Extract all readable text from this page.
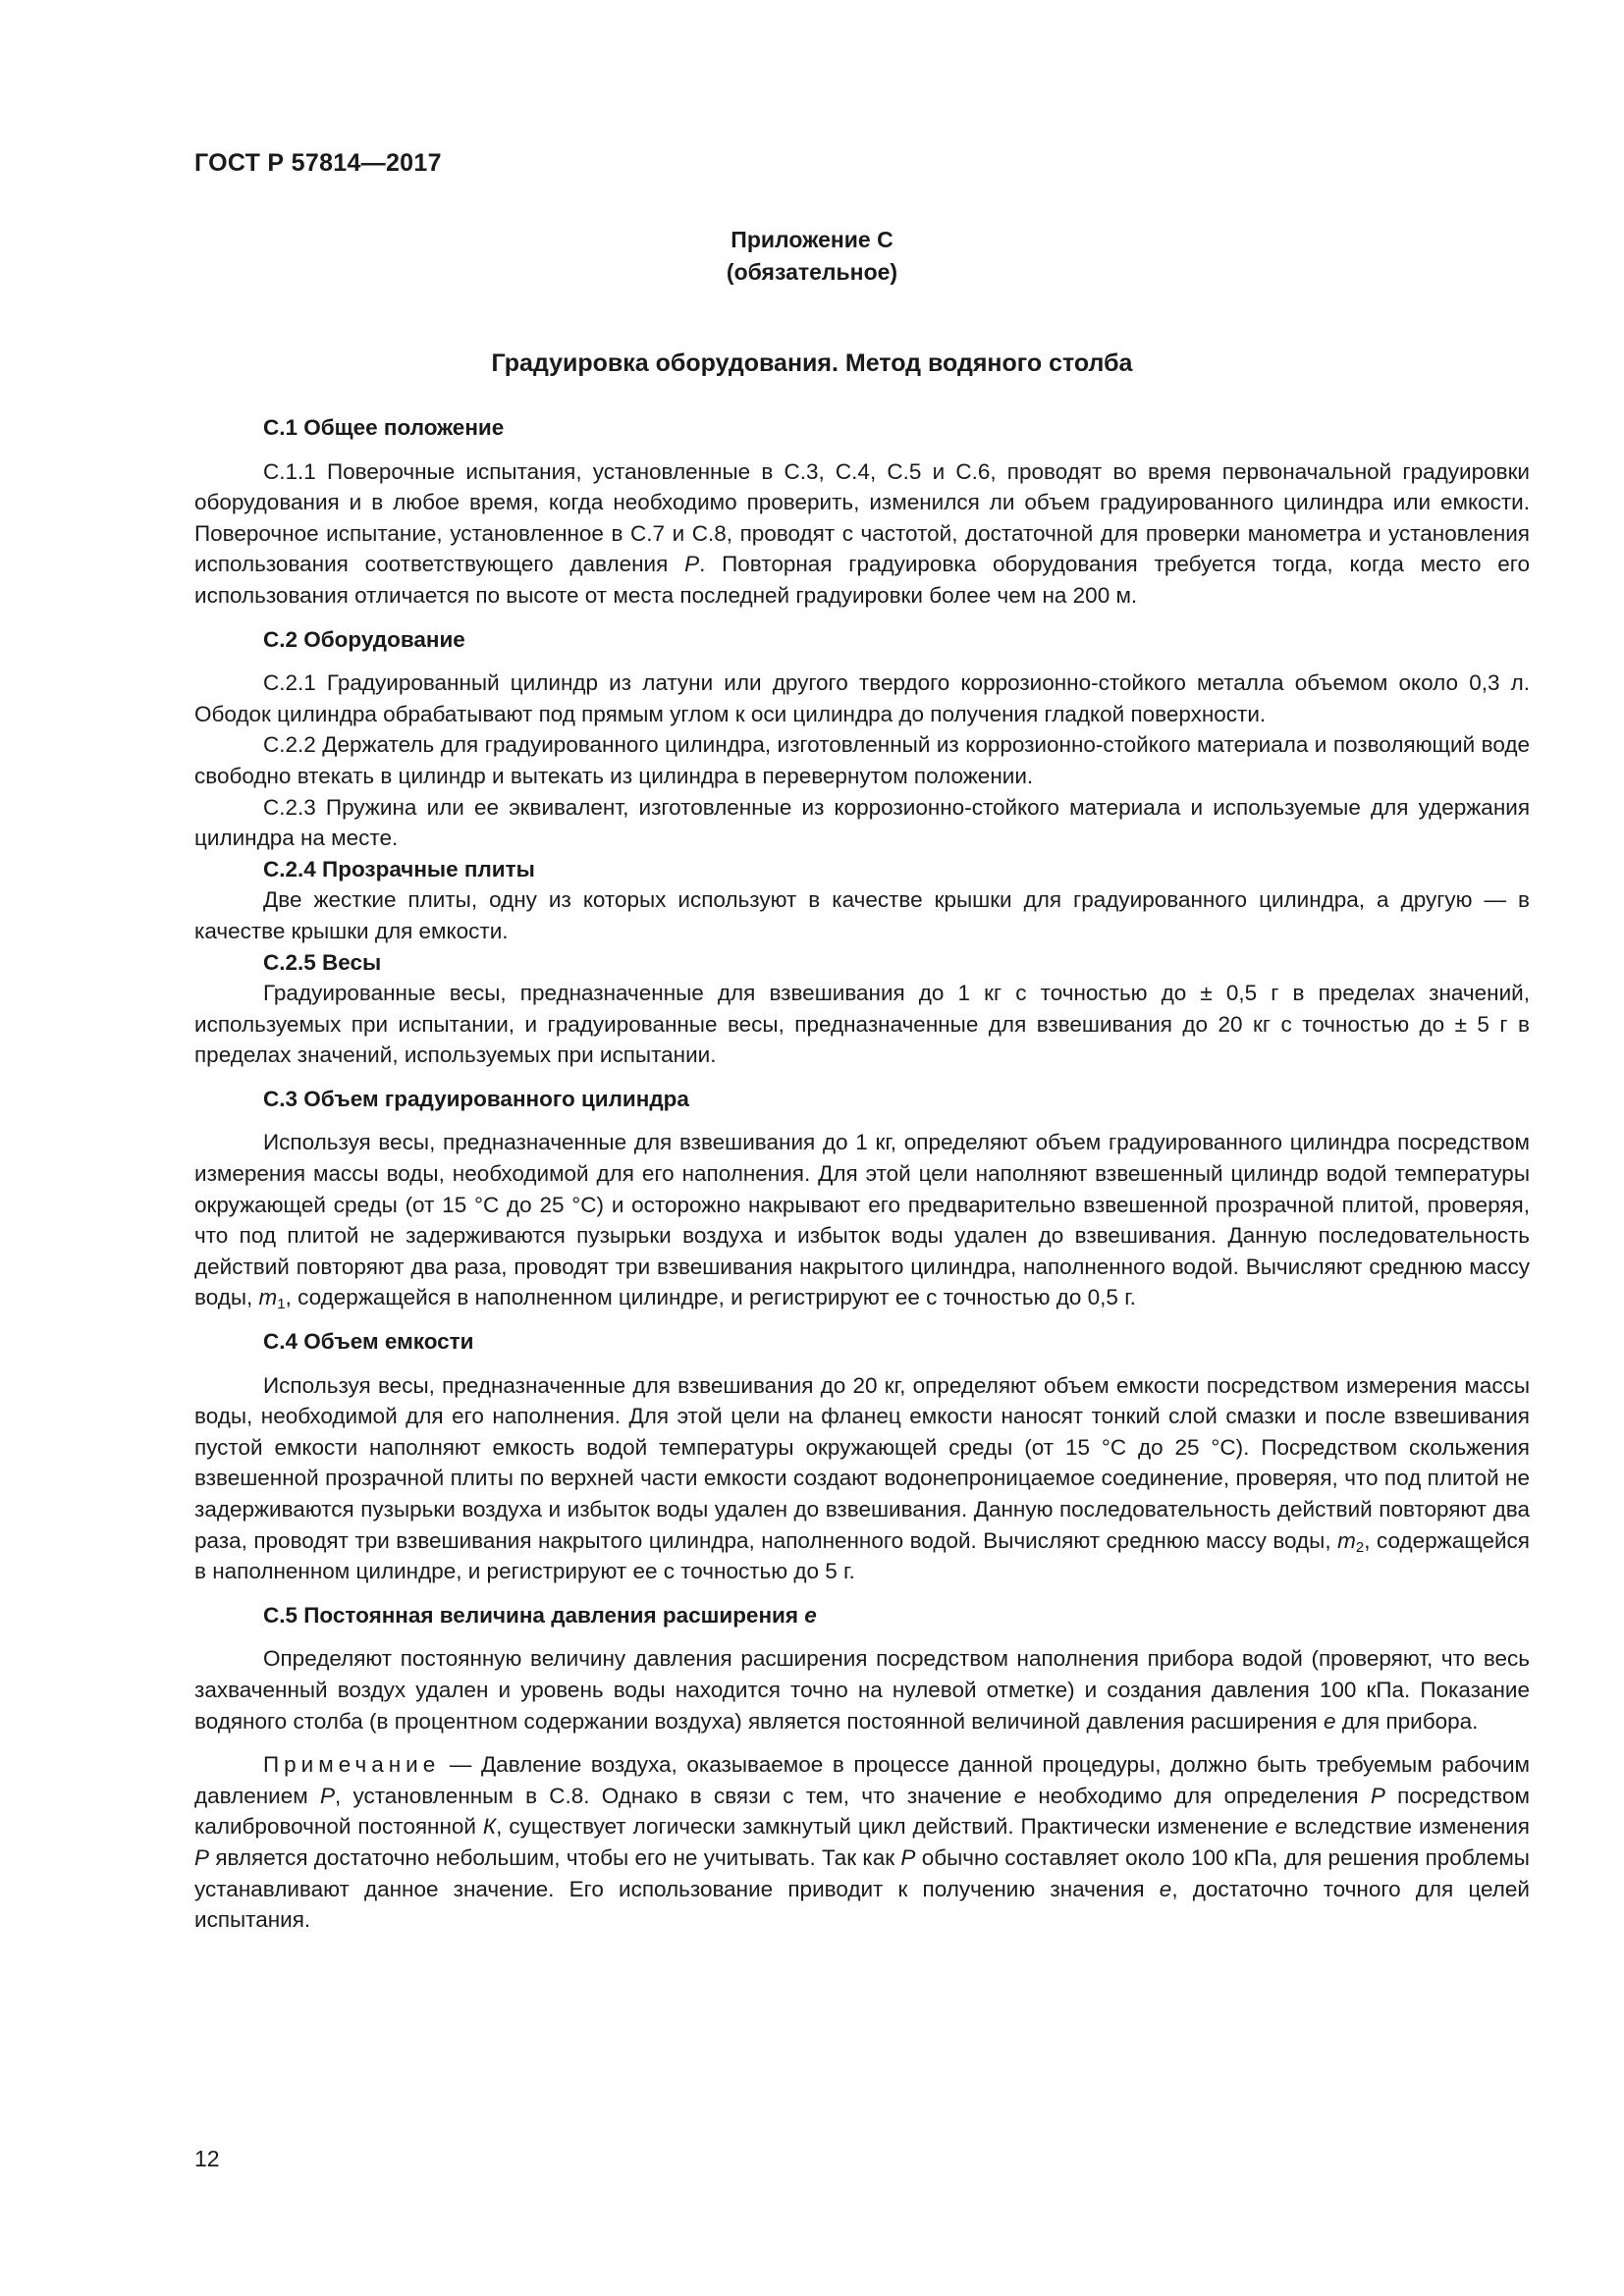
ГОСТ Р 57814—2017
Приложение С
(обязательное)
Градуировка оборудования. Метод водяного столба

С.1 Общее положение

С.1.1 Поверочные испытания, установленные в С.3, С.4, С.5 и С.6, проводят во время первоначальной градуировки оборудования и в любое время, когда необходимо проверить, изменился ли объем градуированного цилиндра или емкости. Поверочное испытание, установленное в С.7 и С.8, проводят с частотой, достаточной для проверки манометра и установления использования соответствующего давления Р. Повторная градуировка оборудования требуется тогда, когда место его использования отличается по высоте от места последней градуировки более чем на 200 м.

С.2 Оборудование

С.2.1 Градуированный цилиндр из латуни или другого твердого коррозионно-стойкого металла объемом около 0,3 л. Ободок цилиндра обрабатывают под прямым углом к оси цилиндра до получения гладкой поверхности.

С.2.2 Держатель для градуированного цилиндра, изготовленный из коррозионно-стойкого материала и позволяющий воде свободно втекать в цилиндр и вытекать из цилиндра в перевернутом положении.

С.2.3 Пружина или ее эквивалент, изготовленные из коррозионно-стойкого материала и используемые для удержания цилиндра на месте.

С.2.4 Прозрачные плиты

Две жесткие плиты, одну из которых используют в качестве крышки для градуированного цилиндра, а другую — в качестве крышки для емкости.

С.2.5 Весы

Градуированные весы, предназначенные для взвешивания до 1 кг с точностью до ± 0,5 г в пределах значений, используемых при испытании, и градуированные весы, предназначенные для взвешивания до 20 кг с точностью до ± 5 г в пределах значений, используемых при испытании.

С.3 Объем градуированного цилиндра

Используя весы, предназначенные для взвешивания до 1 кг, определяют объем градуированного цилиндра посредством измерения массы воды, необходимой для его наполнения. Для этой цели наполняют взвешенный цилиндр водой температуры окружающей среды (от 15 °С до 25 °С) и осторожно накрывают его предварительно взвешенной прозрачной плитой, проверяя, что под плитой не задерживаются пузырьки воздуха и избыток воды удален до взвешивания. Данную последовательность действий повторяют два раза, проводят три взвешивания накрытого цилиндра, наполненного водой. Вычисляют среднюю массу воды, $m_1$, содержащейся в наполненном цилиндре, и регистрируют ее с точностью до 0,5 г.

С.4 Объем емкости

Используя весы, предназначенные для взвешивания до 20 кг, определяют объем емкости посредством измерения массы воды, необходимой для его наполнения. Для этой цели на фланец емкости наносят тонкий слой смазки и после взвешивания пустой емкости наполняют емкость водой температуры окружающей среды (от 15 °С до 25 °С). Посредством скольжения взвешенной прозрачной плиты по верхней части емкости создают водонепроницаемое соединение, проверяя, что под плитой не задерживаются пузырьки воздуха и избыток воды удален до взвешивания. Данную последовательность действий повторяют два раза, проводят три взвешивания накрытого цилиндра, наполненного водой. Вычисляют среднюю массу воды, $m_2$, содержащейся в наполненном цилиндре, и регистрируют ее с точностью до 5 г.

С.5 Постоянная величина давления расширения е

Определяют постоянную величину давления расширения посредством наполнения прибора водой (проверяют, что весь захваченный воздух удален и уровень воды находится точно на нулевой отметке) и создания давления 100 кПа. Показание водяного столба (в процентном содержании воздуха) является постоянной величиной давления расширения е для прибора.

Примечание — Давление воздуха, оказываемое в процессе данной процедуры, должно быть требуемым рабочим давлением Р, установленным в С.8. Однако в связи с тем, что значение е необходимо для определения Р посредством калибровочной постоянной К, существует логически замкнутый цикл действий. Практически изменение е вследствие изменения Р является достаточно небольшим, чтобы его не учитывать. Так как Р обычно составляет около 100 кПа, для решения проблемы устанавливают данное значение. Его использование приводит к получению значения е, достаточно точного для целей испытания.

12
